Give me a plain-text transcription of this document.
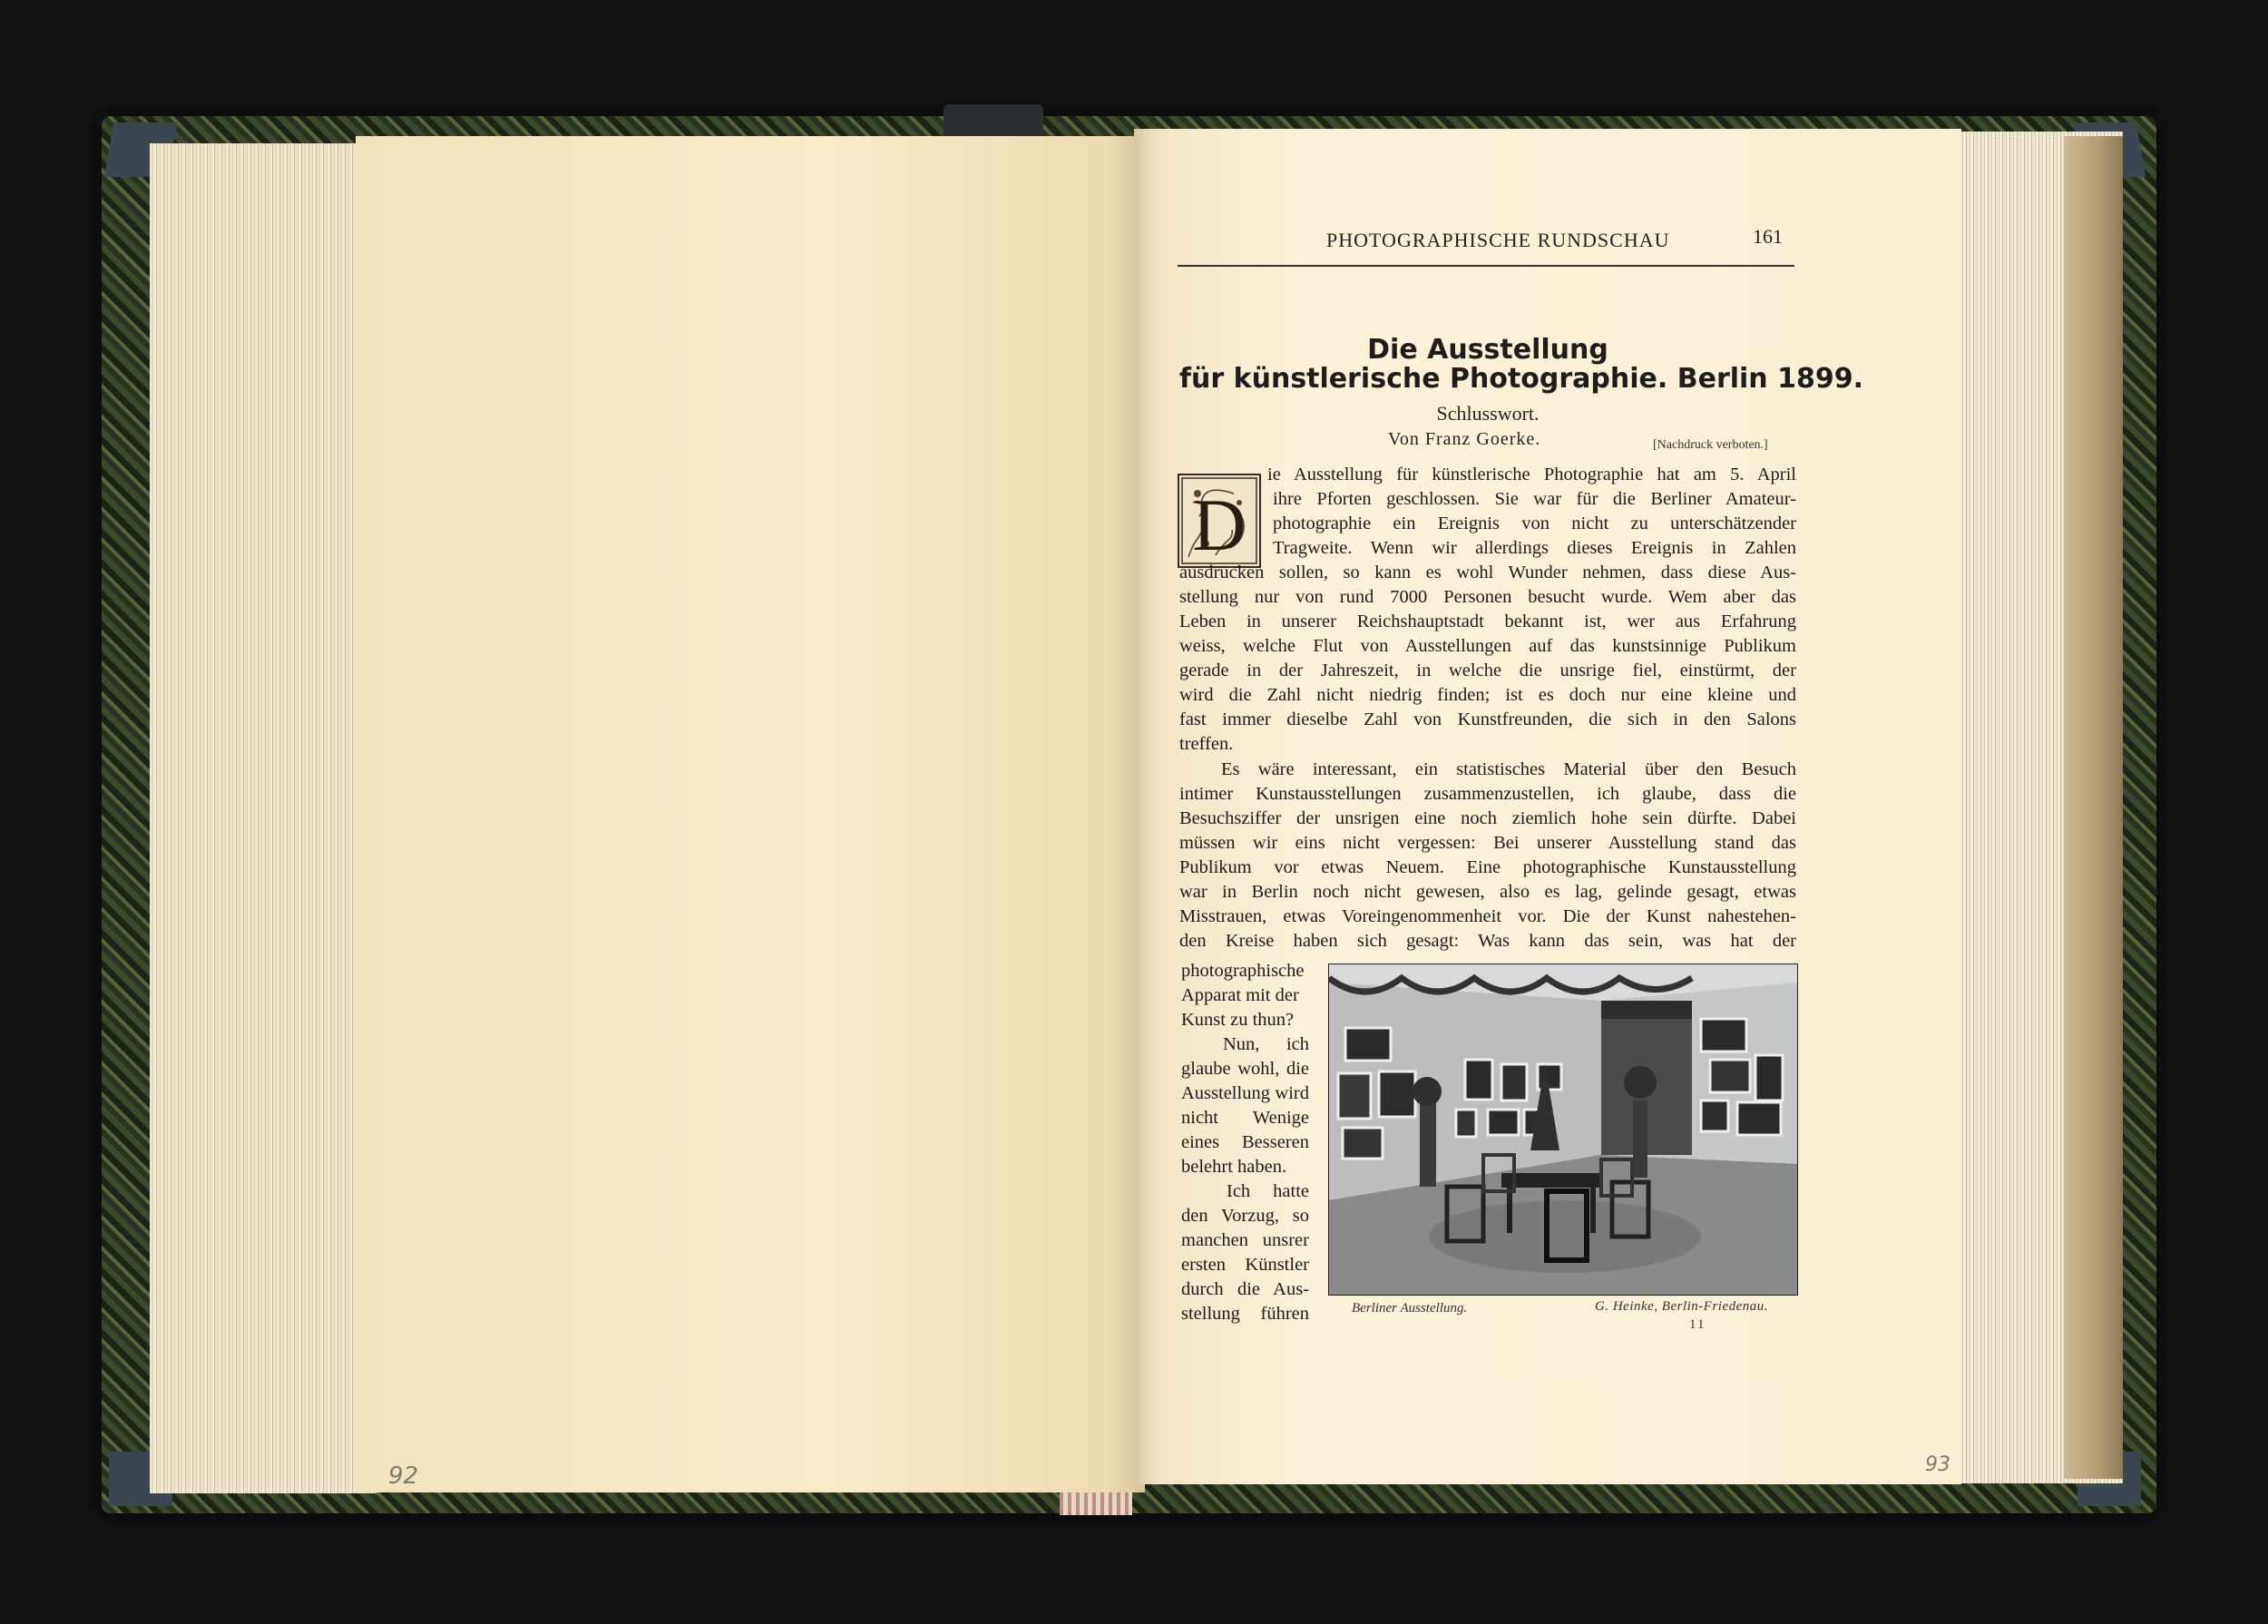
92	93
PHOTOGRAPHISCHE RUNDSCHAU	161
Die Ausstellung
für künstlerische Photographie. Berlin 1899.
Schlusswort.
Von Franz Goerke.	[Nachdruck verboten.]
D
ie Ausstellung für künstlerische Photographie hat am 5. April
ihre Pforten geschlossen. Sie war für die Berliner Amateur-
photographie ein Ereignis von nicht zu unterschätzender
Tragweite. Wenn wir allerdings dieses Ereignis in Zahlen
ausdrücken sollen, so kann es wohl Wunder nehmen, dass diese Aus-
stellung nur von rund 7000 Personen besucht wurde. Wem aber das
Leben in unserer Reichshauptstadt bekannt ist, wer aus Erfahrung
weiss, welche Flut von Ausstellungen auf das kunstsinnige Publikum
gerade in der Jahreszeit, in welche die unsrige fiel, einstürmt, der
wird die Zahl nicht niedrig finden; ist es doch nur eine kleine und
fast immer dieselbe Zahl von Kunstfreunden, die sich in den Salons
treffen.
Es wäre interessant, ein statistisches Material über den Besuch
intimer Kunstausstellungen zusammenzustellen, ich glaube, dass die
Besuchsziffer der unsrigen eine noch ziemlich hohe sein dürfte. Dabei
müssen wir eins nicht vergessen: Bei unserer Ausstellung stand das
Publikum vor etwas Neuem. Eine photographische Kunstausstellung
war in Berlin noch nicht gewesen, also es lag, gelinde gesagt, etwas
Misstrauen, etwas Voreingenommenheit vor. Die der Kunst nahestehen-
den Kreise haben sich gesagt: Was kann das sein, was hat der
photographische
Apparat mit der
Kunst zu thun?
Nun, ich
glaube wohl, die
Ausstellung wird
nicht Wenige
eines Besseren
belehrt haben.
Ich hatte
den Vorzug, so
manchen unsrer
ersten Künstler
durch die Aus-
stellung führen	Berliner Ausstellung.	G. Heinke, Berlin-Friedenau.
11
